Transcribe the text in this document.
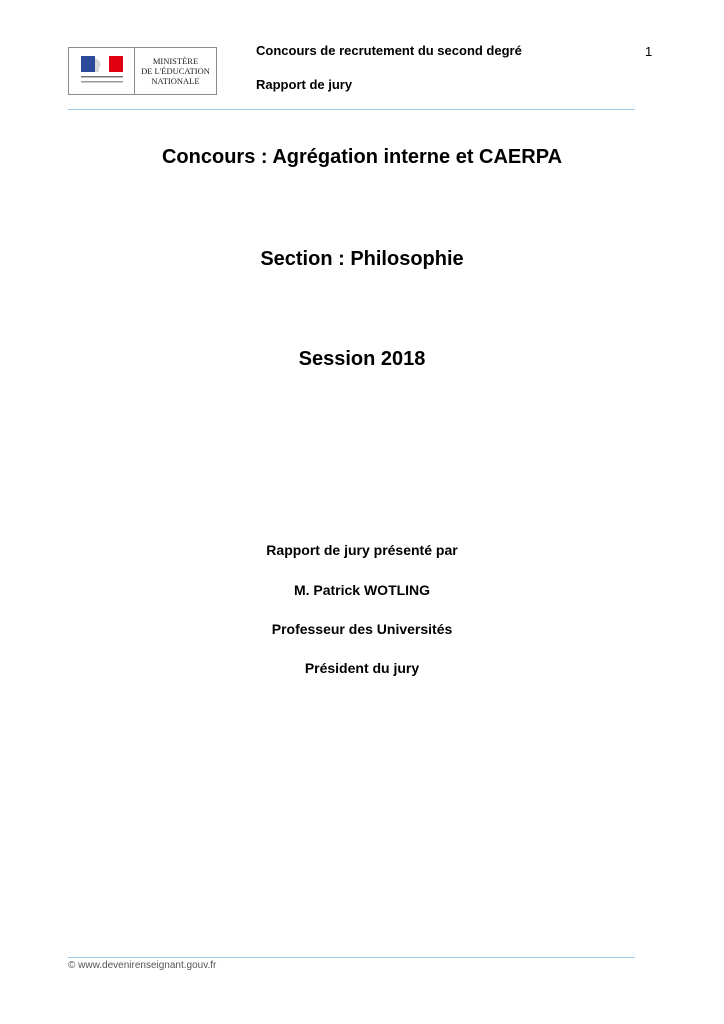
MINISTÈRE
DE L'ÉDUCATION
NATIONALE
Concours de recrutement du second degré
Rapport de jury
1
Concours : Agrégation interne et CAERPA
Section : Philosophie
Session 2018
Rapport de jury présenté par
M. Patrick WOTLING
Professeur des Universités
Président du jury
© www.devenirenseignant.gouv.fr
